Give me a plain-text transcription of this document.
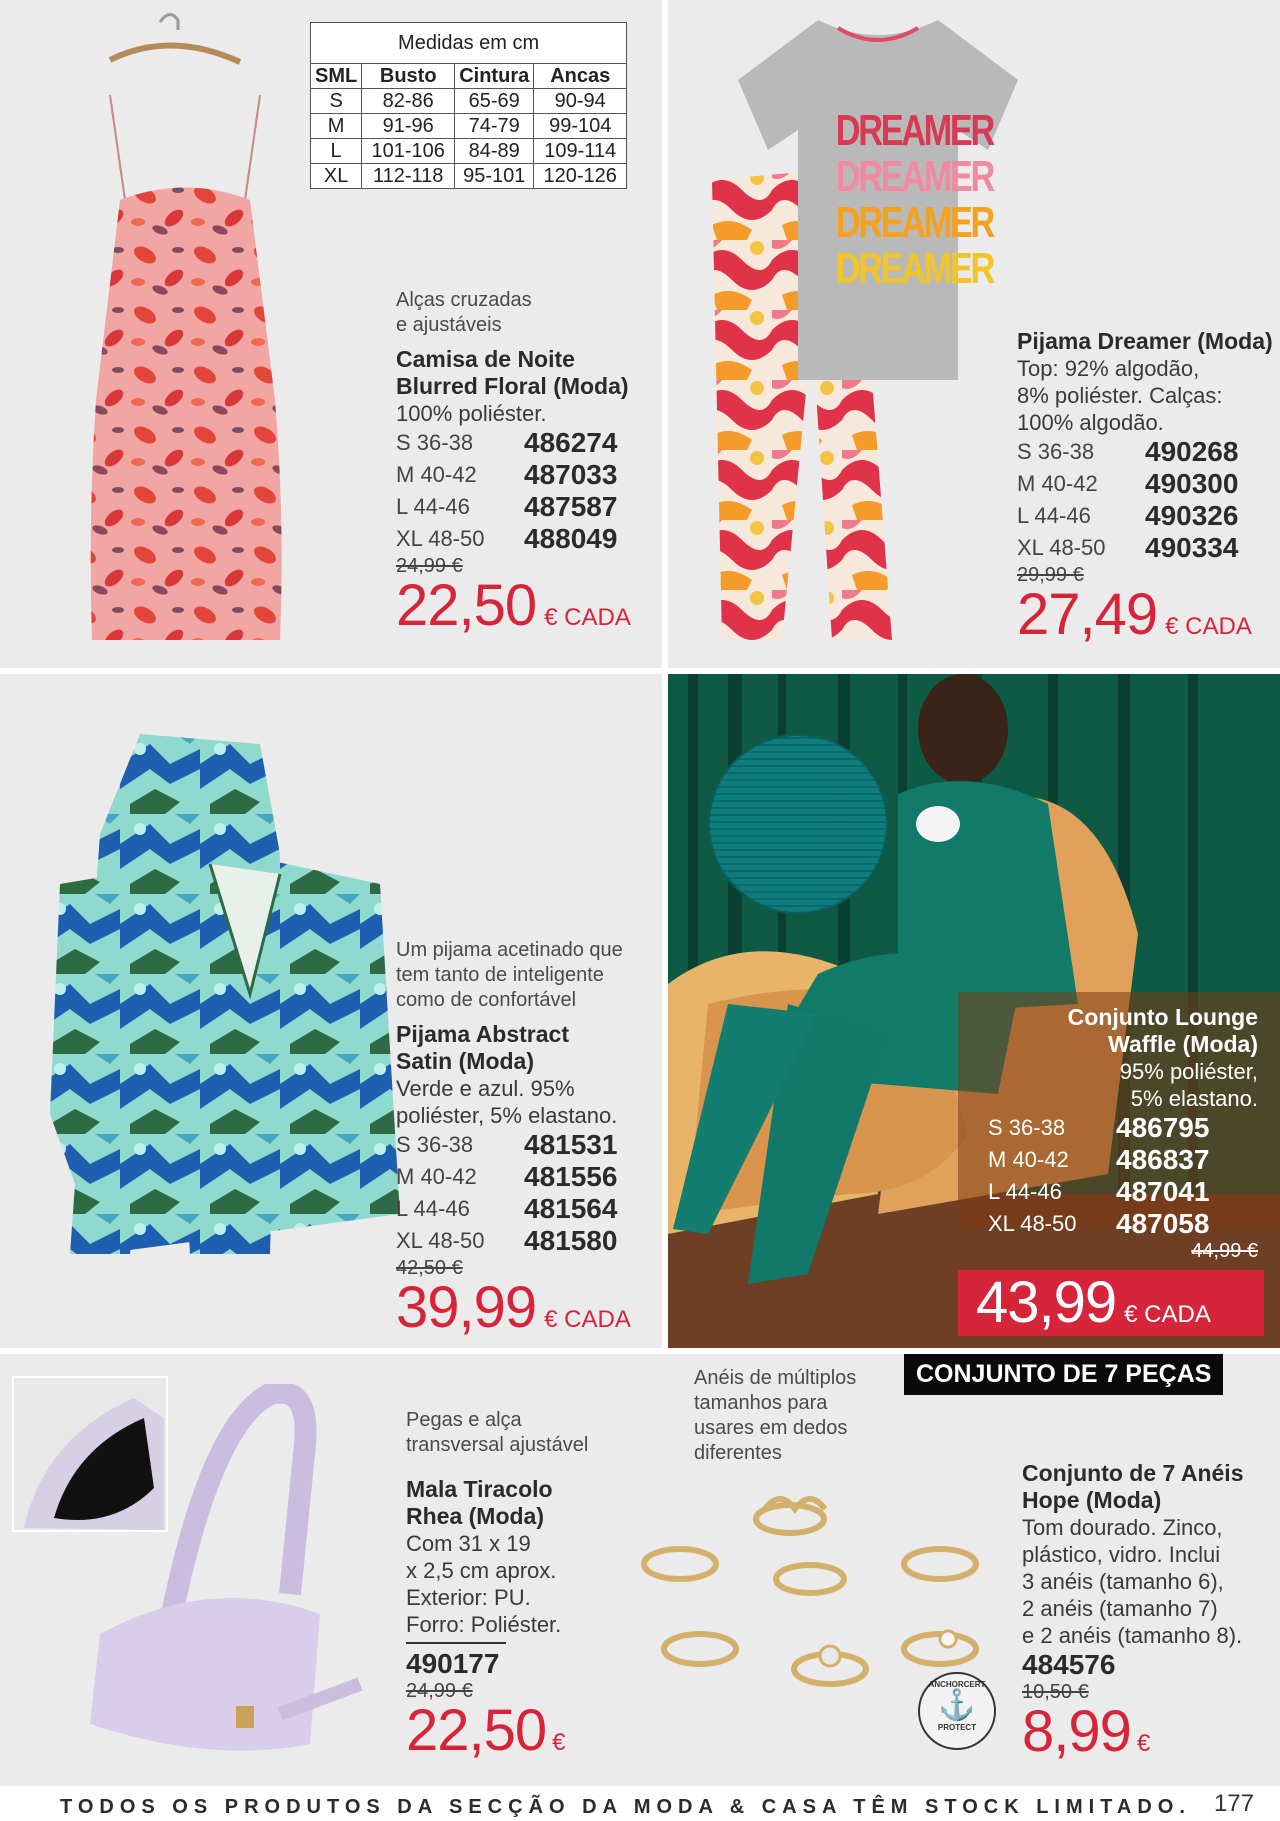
Medidas em cm			
SML	Busto	Cintura	Ancas
S	82-86	65-69	90-94
M	91-96	74-79	99-104
L	101-106	84-89	109-114
XL	112-118	95-101	120-126
Alças cruzadas
e ajustáveis
Camisa de Noite
Blurred Floral (Moda)
100% poliéster.
S 36-38	486274
M 40-42	487033
L 44-46	487587
XL 48-50	488049
24,99 €
22,50 € CADA
DREAMER
DREAMER
DREAMER
DREAMER
Pijama Dreamer (Moda)
Top: 92% algodão,
8% poliéster. Calças:
100% algodão.
S 36-38	490268
M 40-42	490300
L 44-46	490326
XL 48-50	490334
29,99 €
27,49 € CADA
Um pijama acetinado que
tem tanto de inteligente
como de confortável
Pijama Abstract
Satin (Moda)
Verde e azul. 95%
poliéster, 5% elastano.
S 36-38	481531
M 40-42	481556
L 44-46	481564
XL 48-50	481580
42,50 €
39,99 € CADA
Conjunto Lounge
Waffle (Moda)
95% poliéster,
5% elastano.
S 36-38	486795
M 40-42	486837
L 44-46	487041
XL 48-50	487058
44,99 €
43,99 € CADA
Pegas e alça
transversal ajustável
Mala Tiracolo
Rhea (Moda)
Com 31 x 19
x 2,5 cm aprox.
Exterior: PU.
Forro: Poliéster.
490177
24,99 €
22,50 €
Anéis de múltiplos
tamanhos para
usares em dedos
diferentes
ANCHORCERT
⚓
PROTECT
CONJUNTO DE 7 PEÇAS
Conjunto de 7 Anéis
Hope (Moda)
Tom dourado. Zinco,
plástico, vidro. Inclui
3 anéis (tamanho 6),
2 anéis (tamanho 7)
e 2 anéis (tamanho 8).
484576
10,50 €
8,99 €
TODOS OS PRODUTOS DA SECÇÃO DA MODA & CASA TÊM STOCK LIMITADO. 177
